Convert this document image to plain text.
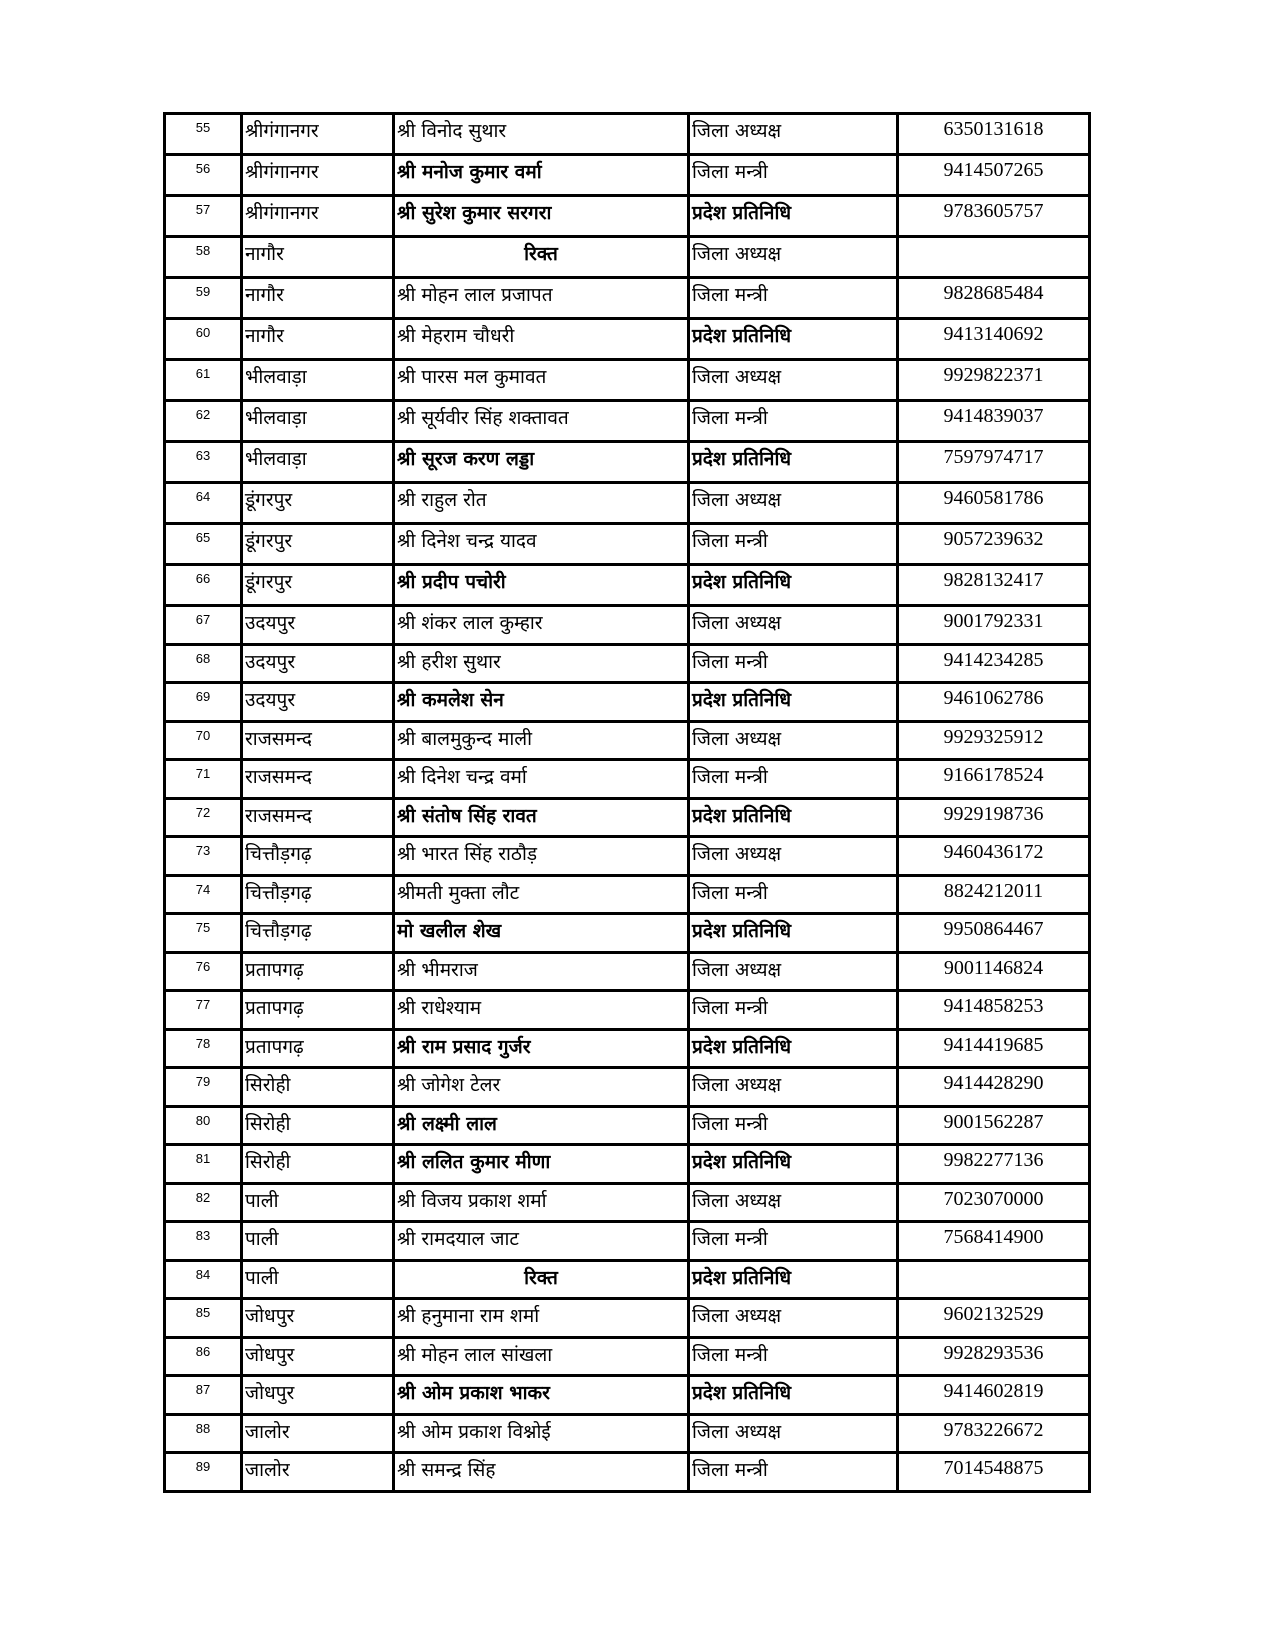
55	श्रीगंगानगर	श्री विनोद सुथार	जिला अध्यक्ष	6350131618
56	श्रीगंगानगर	श्री मनोज कुमार वर्मा	जिला मन्त्री	9414507265
57	श्रीगंगानगर	श्री सुरेश कुमार सरगरा	प्रदेश प्रतिनिधि	9783605757
58	नागौर	रिक्त	जिला अध्यक्ष	
59	नागौर	श्री मोहन लाल प्रजापत	जिला मन्त्री	9828685484
60	नागौर	श्री मेहराम चौधरी	प्रदेश प्रतिनिधि	9413140692
61	भीलवाड़ा	श्री पारस मल कुमावत	जिला अध्यक्ष	9929822371
62	भीलवाड़ा	श्री सूर्यवीर सिंह शक्तावत	जिला मन्त्री	9414839037
63	भीलवाड़ा	श्री सूरज करण लड्डा	प्रदेश प्रतिनिधि	7597974717
64	डूंगरपुर	श्री राहुल रोत	जिला अध्यक्ष	9460581786
65	डूंगरपुर	श्री दिनेश चन्द्र यादव	जिला मन्त्री	9057239632
66	डूंगरपुर	श्री प्रदीप पचोरी	प्रदेश प्रतिनिधि	9828132417
67	उदयपुर	श्री शंकर लाल कुम्हार	जिला अध्यक्ष	9001792331
68	उदयपुर	श्री हरीश सुथार	जिला मन्त्री	9414234285
69	उदयपुर	श्री कमलेश सेन	प्रदेश प्रतिनिधि	9461062786
70	राजसमन्द	श्री बालमुकुन्द माली	जिला अध्यक्ष	9929325912
71	राजसमन्द	श्री दिनेश चन्द्र वर्मा	जिला मन्त्री	9166178524
72	राजसमन्द	श्री संतोष सिंह रावत	प्रदेश प्रतिनिधि	9929198736
73	चित्तौड़गढ़	श्री भारत सिंह राठौड़	जिला अध्यक्ष	9460436172
74	चित्तौड़गढ़	श्रीमती मुक्ता लौट	जिला मन्त्री	8824212011
75	चित्तौड़गढ़	मो खलील शेख	प्रदेश प्रतिनिधि	9950864467
76	प्रतापगढ़	श्री भीमराज	जिला अध्यक्ष	9001146824
77	प्रतापगढ़	श्री राधेश्याम	जिला मन्त्री	9414858253
78	प्रतापगढ़	श्री राम प्रसाद गुर्जर	प्रदेश प्रतिनिधि	9414419685
79	सिरोही	श्री जोगेश टेलर	जिला अध्यक्ष	9414428290
80	सिरोही	श्री लक्ष्मी लाल	जिला मन्त्री	9001562287
81	सिरोही	श्री ललित कुमार मीणा	प्रदेश प्रतिनिधि	9982277136
82	पाली	श्री विजय प्रकाश शर्मा	जिला अध्यक्ष	7023070000
83	पाली	श्री रामदयाल जाट	जिला मन्त्री	7568414900
84	पाली	रिक्त	प्रदेश प्रतिनिधि	
85	जोधपुर	श्री हनुमाना राम शर्मा	जिला अध्यक्ष	9602132529
86	जोधपुर	श्री मोहन लाल सांखला	जिला मन्त्री	9928293536
87	जोधपुर	श्री ओम प्रकाश भाकर	प्रदेश प्रतिनिधि	9414602819
88	जालोर	श्री ओम प्रकाश विश्नोई	जिला अध्यक्ष	9783226672
89	जालोर	श्री समन्द्र सिंह	जिला मन्त्री	7014548875
